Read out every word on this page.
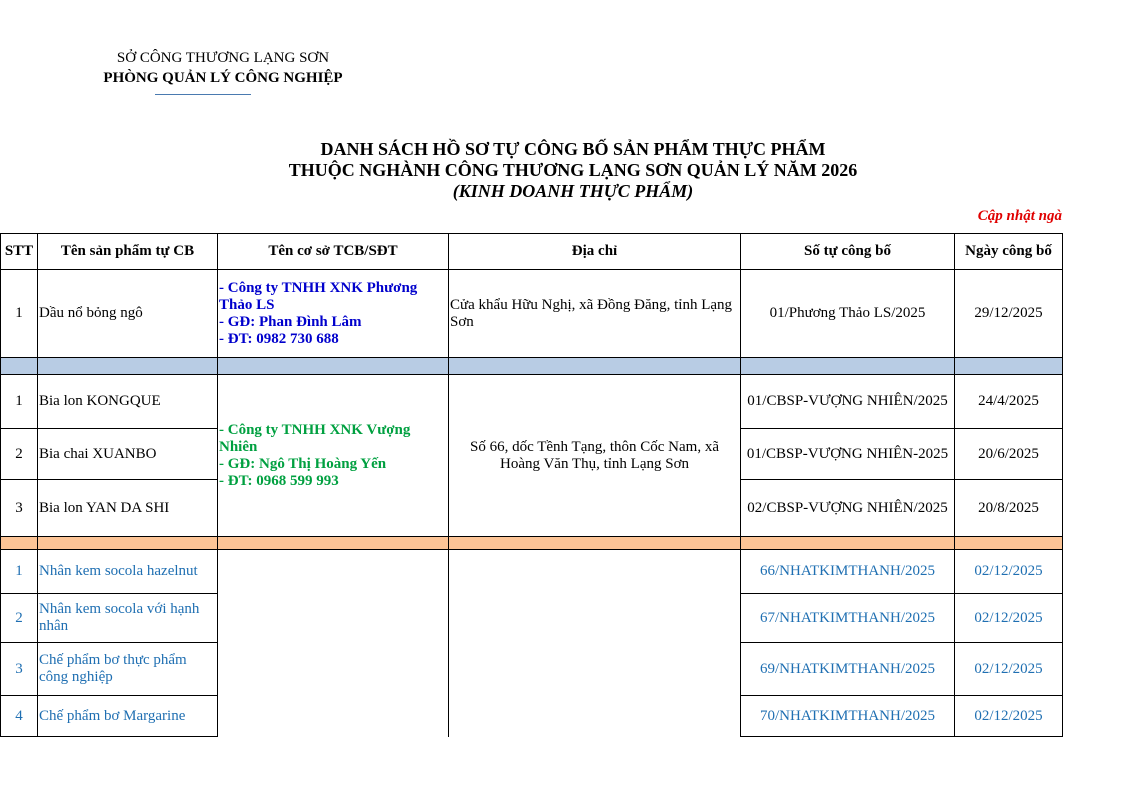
SỞ CÔNG THƯƠNG LẠNG SƠN
PHÒNG QUẢN LÝ CÔNG NGHIỆP
DANH SÁCH HỒ SƠ TỰ CÔNG BỐ SẢN PHẨM THỰC PHẨM
THUỘC NGHÀNH CÔNG THƯƠNG LẠNG SƠN QUẢN LÝ NĂM 2026
(KINH DOANH THỰC PHẨM)
Cập nhật ngà
STT	Tên sản phẩm tự CB	Tên cơ sở TCB/SĐT	Địa chỉ	Số tự công bố	Ngày công bố
1	Dầu nổ bỏng ngô	- Công ty TNHH XNK Phương Thảo LS
- GĐ: Phan Đình Lâm
- ĐT: 0982 730 688	Cửa khẩu Hữu Nghị, xã Đồng Đăng, tỉnh Lạng Sơn	01/Phương Thảo LS/2025	29/12/2025

1	Bia lon KONGQUE	- Công ty TNHH XNK Vượng Nhiên
- GĐ: Ngô Thị Hoàng Yến
- ĐT: 0968 599 993	Số 66, dốc Tềnh Tạng, thôn Cốc Nam, xã Hoàng Văn Thụ, tỉnh Lạng Sơn	01/CBSP-VƯỢNG NHIÊN/2025	24/4/2025
2	Bia chai XUANBO			01/CBSP-VƯỢNG NHIÊN-2025	20/6/2025
3	Bia lon YAN DA SHI			02/CBSP-VƯỢNG NHIÊN/2025	20/8/2025

1	Nhân kem socola hazelnut			66/NHATKIMTHANH/2025	02/12/2025
2	Nhân kem socola với hạnh nhân			67/NHATKIMTHANH/2025	02/12/2025
3	Chế phẩm bơ thực phẩm công nghiệp			69/NHATKIMTHANH/2025	02/12/2025
4	Chế phẩm bơ Margarine			70/NHATKIMTHANH/2025	02/12/2025
